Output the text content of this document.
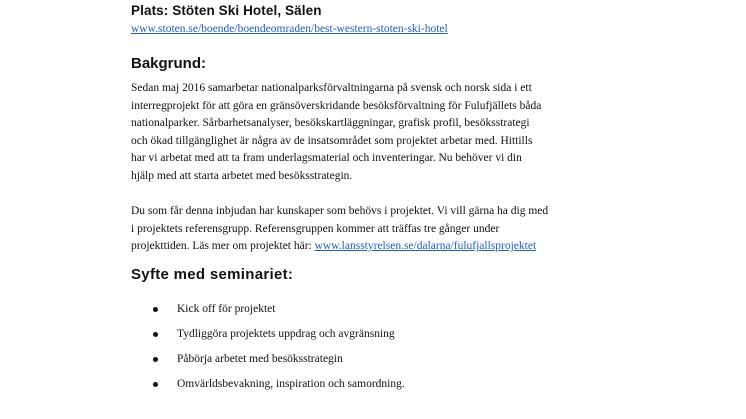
Plats: Stöten Ski Hotel, Sälen
www.stoten.se/boende/boendeomraden/best-western-stoten-ski-hotel
Bakgrund:
Sedan maj 2016 samarbetar nationalparksförvaltningarna på svensk och norsk sida i ett
interregprojekt för att göra en gränsöverskridande besöksförvaltning för Fulufjällets båda
nationalparker. Sårbarhetsanalyser, besökskartläggningar, grafisk profil, besöksstrategi
och ökad tillgänglighet är några av de insatsområdet som projektet arbetar med. Hittills
har vi arbetat med att ta fram underlagsmaterial och inventeringar. Nu behöver vi din
hjälp med att starta arbetet med besöksstrategin.
Du som får denna inbjudan har kunskaper som behövs i projektet. Vi vill gärna ha dig med
i projektets referensgrupp. Referensgruppen kommer att träffas tre gånger under
projekttiden. Läs mer om projektet här: www.lansstyrelsen.se/dalarna/fulufjallsprojektet
Syfte med seminariet:
Kick off för projektet
Tydliggöra projektets uppdrag och avgränsning
Påbörja arbetet med besöksstrategin
Omvärldsbevakning, inspiration och samordning.
